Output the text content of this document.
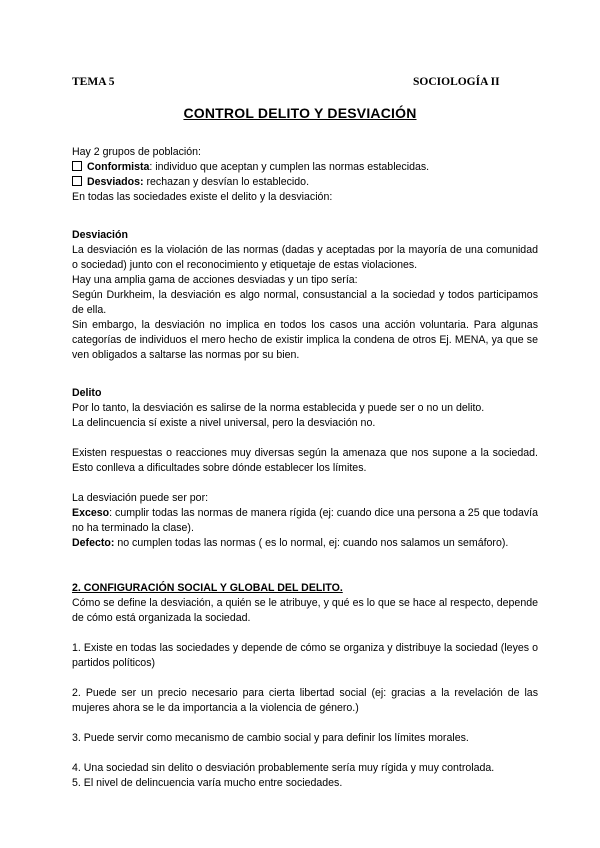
TEMA 5	SOCIOLOGÍA II
CONTROL DELITO Y DESVIACIÓN

Hay 2 grupos de población:

Conformista: individuo que aceptan y cumplen las normas establecidas.

Desviados: rechazan y desvían lo establecido.

En todas las sociedades existe el delito y la desviación:

Desviación

La desviación es la violación de las normas (dadas y aceptadas por la mayoría de una comunidad o sociedad) junto con el reconocimiento y etiquetaje de estas violaciones.

Hay una amplia gama de acciones desviadas y un tipo sería:

Según Durkheim, la desviación es algo normal, consustancial a la sociedad y todos participamos de ella.

Sin embargo, la desviación no implica en todos los casos una acción voluntaria. Para algunas categorías de individuos el mero hecho de existir implica la condena de otros Ej. MENA, ya que se ven obligados a saltarse las normas por su bien.

Delito

Por lo tanto, la desviación es salirse de la norma establecida y puede ser o no un delito.

La delincuencia sí existe a nivel universal, pero la desviación no.

Existen respuestas o reacciones muy diversas según la amenaza que nos supone a la sociedad. Esto conlleva a dificultades sobre dónde establecer los límites.

La desviación puede ser por:

Exceso: cumplir todas las normas de manera rígida (ej: cuando dice una persona a 25 que todavía no ha terminado la clase).

Defecto: no cumplen todas las normas ( es lo normal, ej: cuando nos salamos un semáforo).

2. CONFIGURACIÓN SOCIAL Y GLOBAL DEL DELITO.

Cómo se define la desviación, a quién se le atribuye, y qué es lo que se hace al respecto, depende de cómo está organizada la sociedad.

1. Existe en todas las sociedades y depende de cómo se organiza y distribuye la sociedad (leyes o partidos políticos)

2. Puede ser un precio necesario para cierta libertad social (ej: gracias a la revelación de las mujeres ahora se le da importancia a la violencia de género.)

3. Puede servir como mecanismo de cambio social y para definir los límites morales.

4. Una sociedad sin delito o desviación probablemente sería muy rígida y muy controlada.

5. El nivel de delincuencia varía mucho entre sociedades.
